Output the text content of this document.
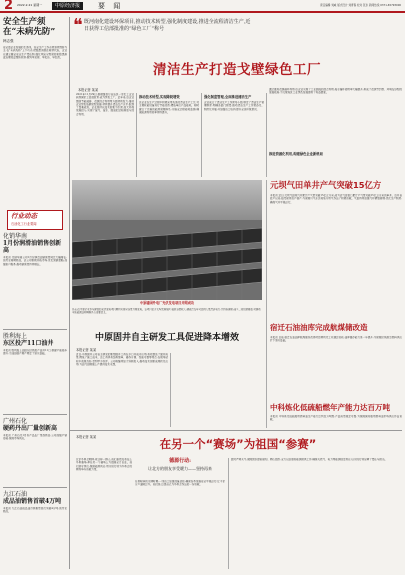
2 2022.2.21 星期一	中原经济报	要 闻	责任编辑 刘威 版式设计 刘青春 校对 张乐 新闻热线 0371-65793000
安全生产须在“未病先防”
韩志强
安全是企业发展的生命线。安全生产工作必须坚持预防为主,在“未病先防”上下功夫,把隐患消除在萌芽状态。企业应建立健全安全生产责任制,强化风险分级管控和隐患排查治理双重预防机制,做到早发现、早报告、早处置。
行业动态
石油化工行业要闻
化销华南
1月份润滑油销售创新高
本报讯 化销华南公司1月份润滑油销售量同比大幅增长,创历史同期新高。该公司积极开拓市场,优化营销策略,加强客户服务,推动销售量持续增长。
胜利海上
东区投产11口油井
本报讯 胜利海上油田东区新投产油井11口,新建产能稳步提升,为油田稳产增产奠定了坚实基础。
广州石化
硬药丹出厂量创新高
本报讯 广州石化1月份产品出厂量创新高,公司加强产销衔接,保障市场供应。
九江石油
成品油销售首破4万吨
本报讯 九江石油成品油月销售量首次突破4万吨,创历史新高。
❝ 既河南化建设环保项目,推动技术转型,强化制度建设,推进全流程清洁生产,近日获得工信部批准的“绿色工厂”称号
清洁生产打造戈壁绿色工厂
本报记者 某某
2021年11月29日,新疆维吾尔自治区一家化工企业获得国家工信部批复,成为绿色工厂。近年来,该企业围绕节能减排、资源综合利用等方面持续发力,推动企业绿色低碳转型发展,持续提升清洁生产水平,取得了显著成效。企业坚持以技术创新为引领,加大环保设施投入,实现了废气、废水、固废的达标排放与综合利用。
推动技术转型,实现降耗增效
该企业在生产过程中积极采用先进的清洁生产工艺,对主要耗能设备进行节能改造,降低单位产品能耗。同时建立了完善的能源管理体系,实施全过程能耗监测,确保能源利用效率持续提升。
强化制度管理,全面推进清洁生产
企业成立了清洁生产工作领导小组,制定了清洁生产管理制度,明确各部门职责,推动清洁生产工作常态化、制度化开展,并加强员工培训,提升全员环保意识。
通过推进资源循环利用,该企业实现了工业固废的综合利用,废水循环使用率大幅提升,形成了资源节约型、环境友好型的发展格局,为戈壁地区工业绿色发展提供了有益借鉴。
推进资源化利用,构建绿色企业新格局
中原墙国外电厂光伏发电项目并网成功
日前,由中原企业参与建设的光伏发电项目顺利实现全容量并网发电。该项目位于戈壁荒漠地区,装机容量较大,建成后每年可提供大量清洁电力,节约标准煤,减少二氧化碳排放,对推动当地能源结构调整具有重要意义。
中原固井自主研发工具促进降本增效
本报记者 某某
近日,中原固井公司自主研发的新型固井工具在多口井成功应用,有效提高了固井质量,降低了施工成本。该工具具有结构简单、操作方便、性能可靠等特点,在现场试验中表现良好,受到甲方好评。公司将继续加大科研投入,推动技术创新成果转化应用,为油气田增储上产提供技术支撑。
元坝气田单井产气突破15亿方
本报讯 近日,元坝气田某气井累计产气量突破15亿立方米,成为该气田首口累计产气量突破15亿立方米的单井。该井自投产以来,始终保持高产稳产,为保障川气东送和地方用气作出了积极贡献。气田持续加强气井精细管理,优化生产制度,确保气井平稳运行。
宿迁石油油库完成航煤储改造
本报讯 日前,宿迁石油油库航煤储存改造项目顺利完工并通过验收,油库储存能力进一步提升,为保障区域航空燃料供应打下坚实基础。
中科炼化低硫船燃年产能力达百万吨
本报讯 中科炼化低硫船用燃料油生产能力达到百万吨级,产品质量稳定可靠,为保障国内船用燃料油市场供应作出贡献。
本报记者 某某	在另一个“赛场”为祖国“参赛”
德源行动:
让北方的朋友享受暖力——坚持再来
北京冬奥会期间,有这样一群人,他们虽然没有站上冬奥赛场,却在另一个赛场上为祖国全力以赴。他们坚守岗位,保障能源供应,用实际行动为冬奥会的顺利举办贡献力量。
在供暖季的关键时期,一线员工加强设备巡检,确保各类设施安全平稳运行,让千家万户温暖过冬。他们说,这是自己为冬奥会作出的一份贡献。
面对严寒天气,保障团队提前谋划、精心组织,全力以赴做好能源保供工作,确保天然气、电力等能源稳定供应,以实际行动诠释了责任与担当。
